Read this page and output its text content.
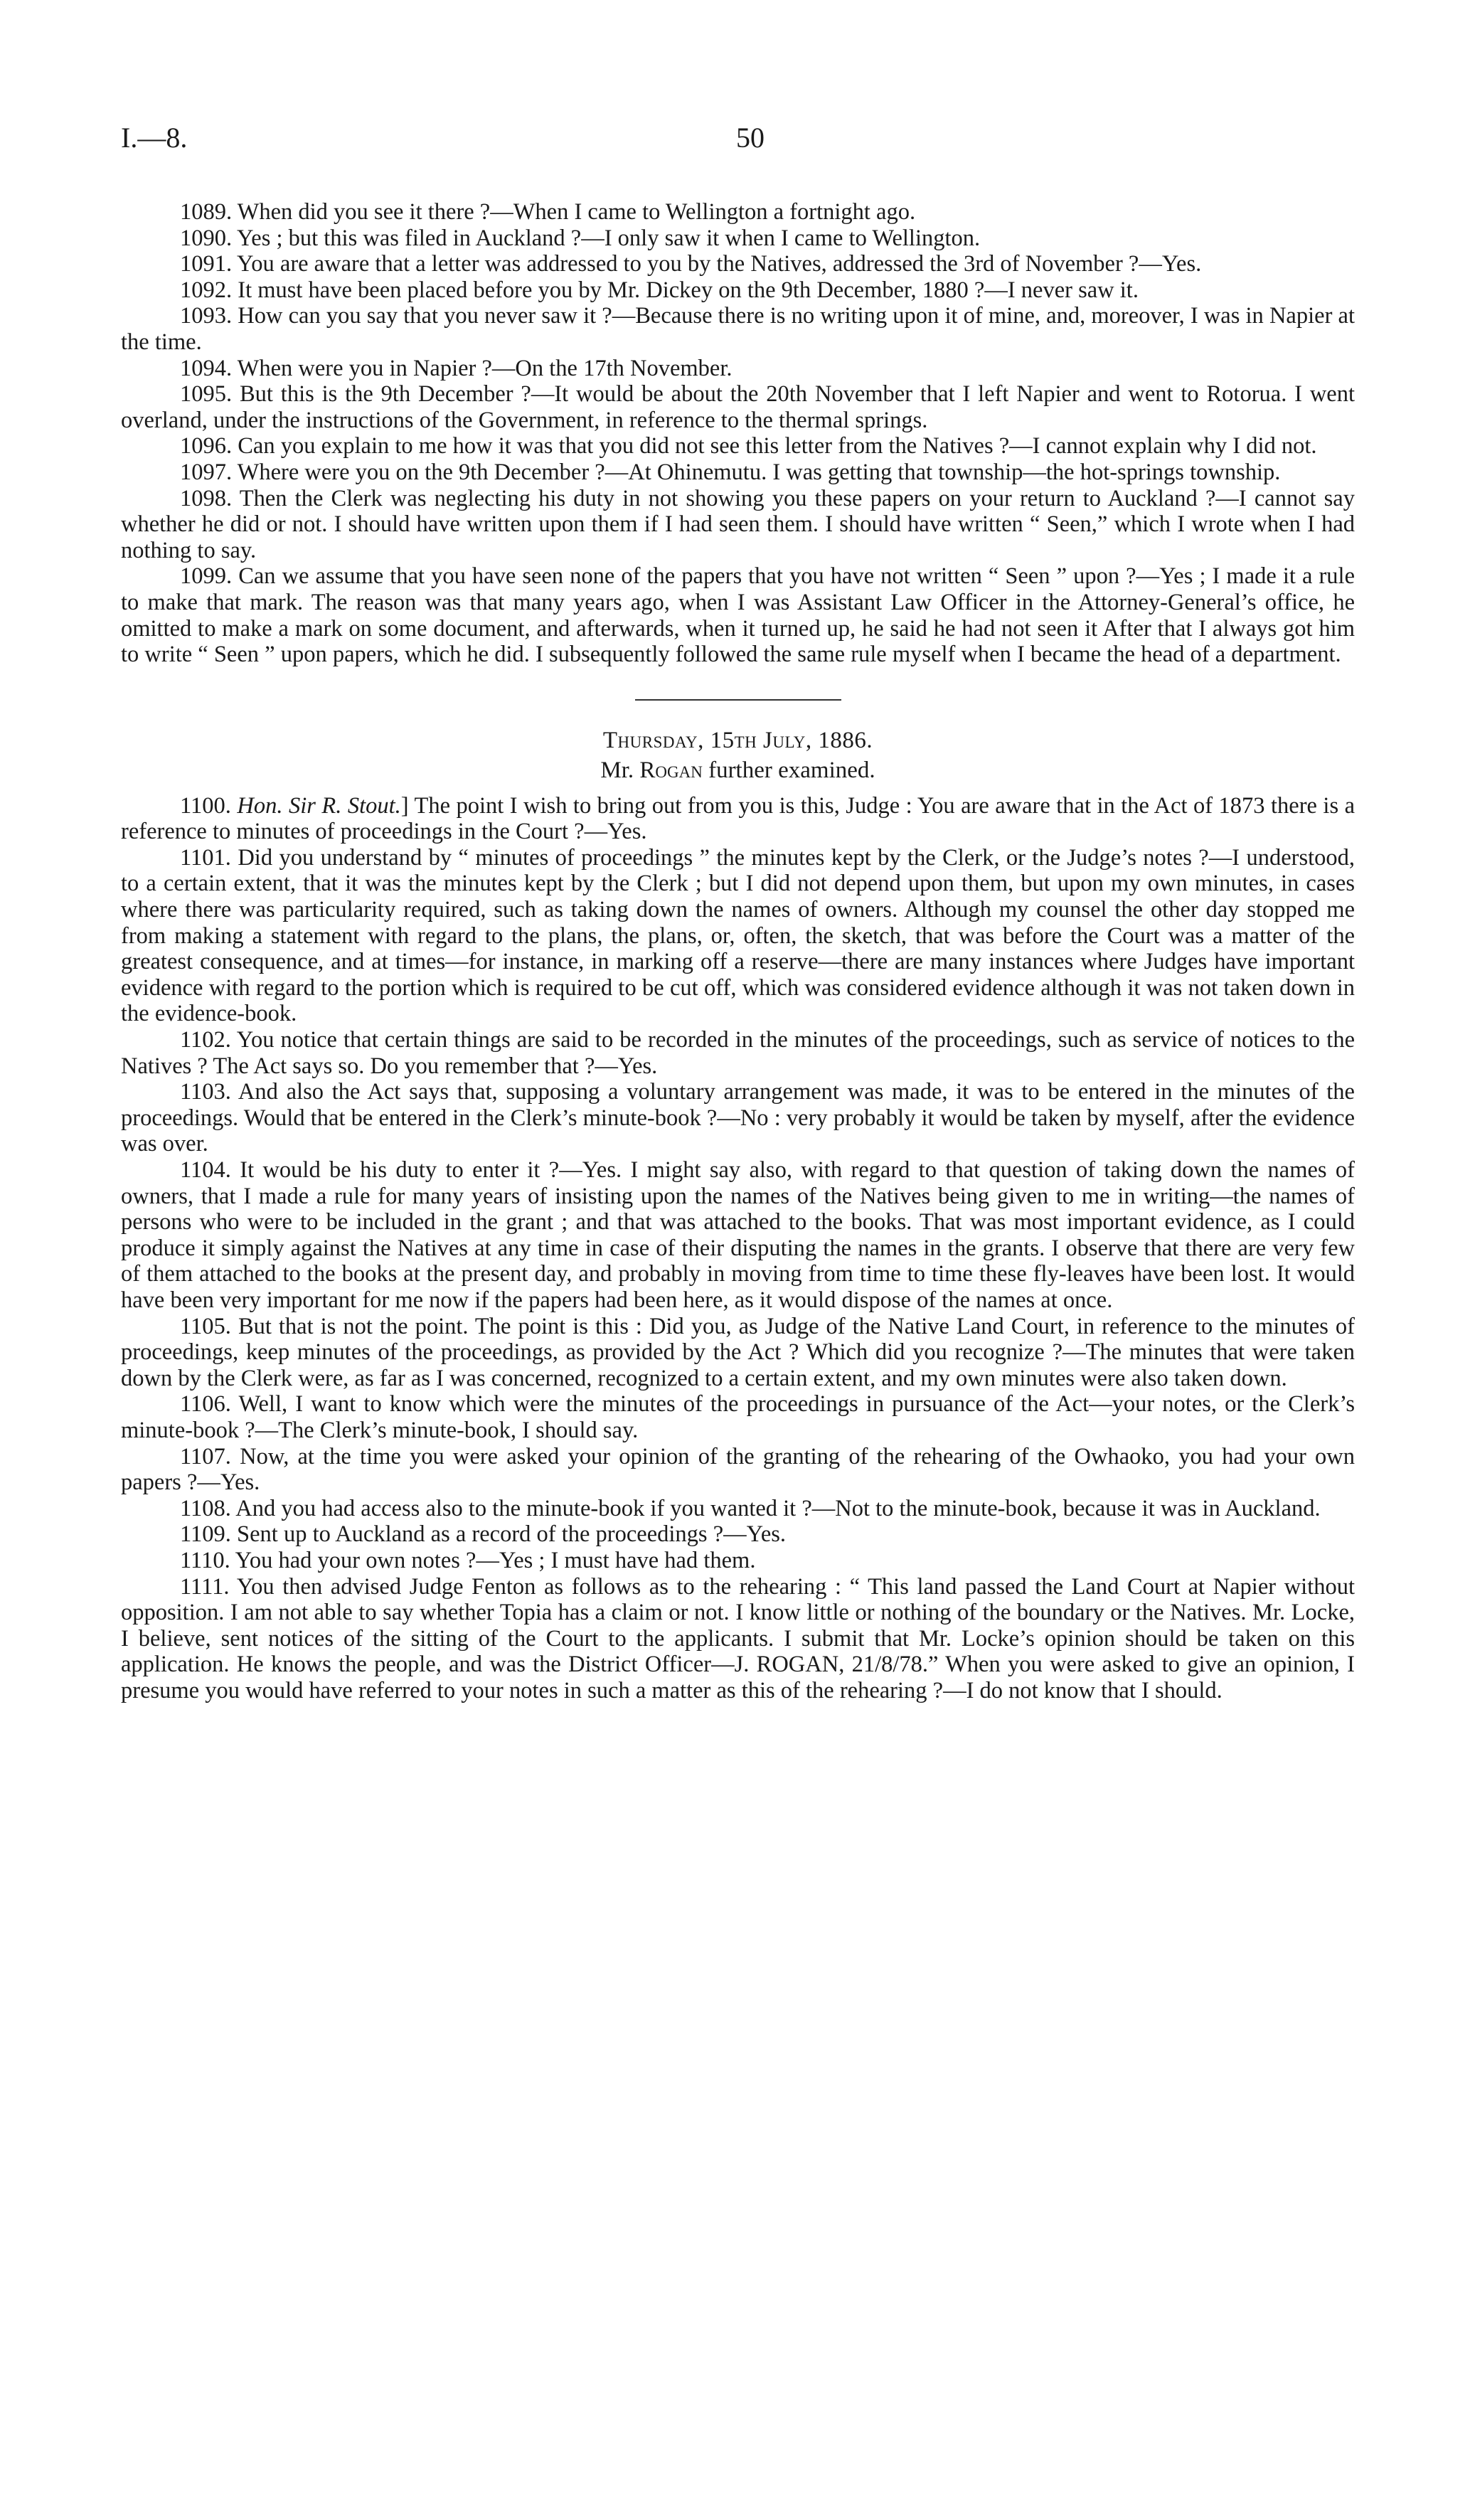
I.—8.	50

1089. When did you see it there ?—When I came to Wellington a fortnight ago.

1090. Yes ; but this was filed in Auckland ?—I only saw it when I came to Wellington.

1091. You are aware that a letter was addressed to you by the Natives, addressed the 3rd of November ?—Yes.

1092. It must have been placed before you by Mr. Dickey on the 9th December, 1880 ?—I never saw it.

1093. How can you say that you never saw it ?—Because there is no writing upon it of mine, and, moreover, I was in Napier at the time.

1094. When were you in Napier ?—On the 17th November.

1095. But this is the 9th December ?—It would be about the 20th November that I left Napier and went to Rotorua. I went overland, under the instructions of the Government, in reference to the thermal springs.

1096. Can you explain to me how it was that you did not see this letter from the Natives ?—I cannot explain why I did not.

1097. Where were you on the 9th December ?—At Ohinemutu. I was getting that township—the hot-springs township.

1098. Then the Clerk was neglecting his duty in not showing you these papers on your return to Auckland ?—I cannot say whether he did or not. I should have written upon them if I had seen them. I should have written “ Seen,” which I wrote when I had nothing to say.

1099. Can we assume that you have seen none of the papers that you have not written “ Seen ” upon ?—Yes ; I made it a rule to make that mark. The reason was that many years ago, when I was Assistant Law Officer in the Attorney-General’s office, he omitted to make a mark on some document, and afterwards, when it turned up, he said he had not seen it After that I always got him to write “ Seen ” upon papers, which he did. I subsequently followed the same rule myself when I became the head of a department.

Thursday, 15th July, 1886.
Mr. Rogan further examined.

1100. Hon. Sir R. Stout.] The point I wish to bring out from you is this, Judge : You are aware that in the Act of 1873 there is a reference to minutes of proceedings in the Court ?—Yes.

1101. Did you understand by “ minutes of proceedings ” the minutes kept by the Clerk, or the Judge’s notes ?—I understood, to a certain extent, that it was the minutes kept by the Clerk ; but I did not depend upon them, but upon my own minutes, in cases where there was particularity required, such as taking down the names of owners. Although my counsel the other day stopped me from making a statement with regard to the plans, the plans, or, often, the sketch, that was before the Court was a matter of the greatest consequence, and at times—for instance, in marking off a reserve—there are many instances where Judges have important evidence with regard to the portion which is required to be cut off, which was considered evidence although it was not taken down in the evidence-book.

1102. You notice that certain things are said to be recorded in the minutes of the proceedings, such as service of notices to the Natives ? The Act says so. Do you remember that ?—Yes.

1103. And also the Act says that, supposing a voluntary arrangement was made, it was to be entered in the minutes of the proceedings. Would that be entered in the Clerk’s minute-book ?—No : very probably it would be taken by myself, after the evidence was over.

1104. It would be his duty to enter it ?—Yes. I might say also, with regard to that question of taking down the names of owners, that I made a rule for many years of insisting upon the names of the Natives being given to me in writing—the names of persons who were to be included in the grant ; and that was attached to the books. That was most important evidence, as I could produce it simply against the Natives at any time in case of their disputing the names in the grants. I observe that there are very few of them attached to the books at the present day, and probably in moving from time to time these fly-leaves have been lost. It would have been very important for me now if the papers had been here, as it would dispose of the names at once.

1105. But that is not the point. The point is this : Did you, as Judge of the Native Land Court, in reference to the minutes of proceedings, keep minutes of the proceedings, as provided by the Act ? Which did you recognize ?—The minutes that were taken down by the Clerk were, as far as I was concerned, recognized to a certain extent, and my own minutes were also taken down.

1106. Well, I want to know which were the minutes of the proceedings in pursuance of the Act—your notes, or the Clerk’s minute-book ?—The Clerk’s minute-book, I should say.

1107. Now, at the time you were asked your opinion of the granting of the rehearing of the Owhaoko, you had your own papers ?—Yes.

1108. And you had access also to the minute-book if you wanted it ?—Not to the minute-book, because it was in Auckland.

1109. Sent up to Auckland as a record of the proceedings ?—Yes.

1110. You had your own notes ?—Yes ; I must have had them.

1111. You then advised Judge Fenton as follows as to the rehearing : “ This land passed the Land Court at Napier without opposition. I am not able to say whether Topia has a claim or not. I know little or nothing of the boundary or the Natives. Mr. Locke, I believe, sent notices of the sitting of the Court to the applicants. I submit that Mr. Locke’s opinion should be taken on this application. He knows the people, and was the District Officer—J. ROGAN, 21/8/78.” When you were asked to give an opinion, I presume you would have referred to your notes in such a matter as this of the rehearing ?—I do not know that I should.
